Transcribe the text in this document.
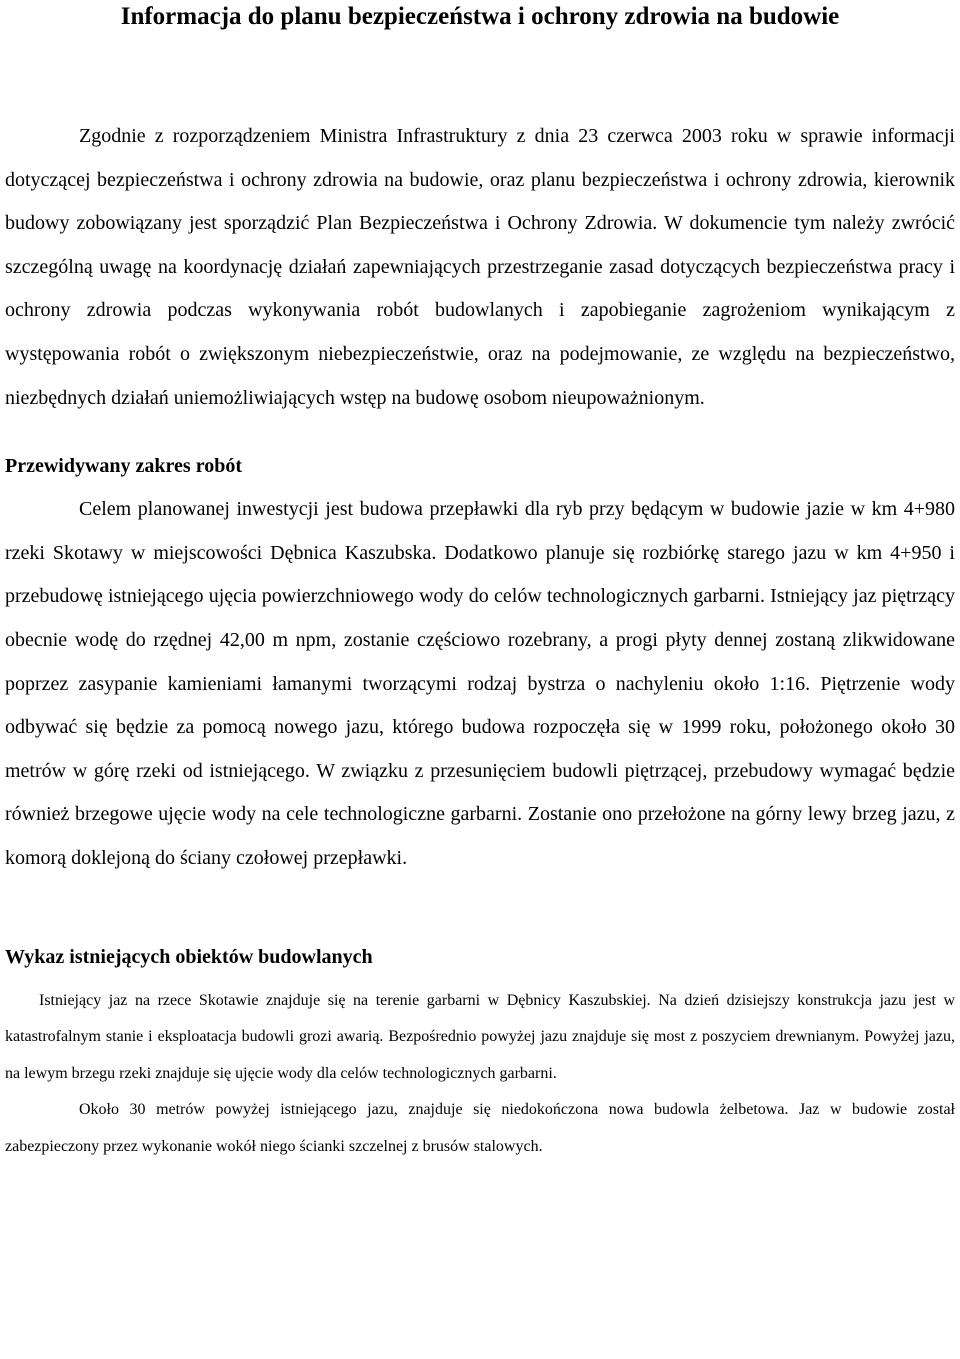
Informacja do planu bezpieczeństwa i ochrony zdrowia na budowie

Zgodnie z rozporządzeniem Ministra Infrastruktury z dnia 23 czerwca 2003 roku w sprawie informacji dotyczącej bezpieczeństwa i ochrony zdrowia na budowie, oraz planu bezpieczeństwa i ochrony zdrowia, kierownik budowy zobowiązany jest sporządzić Plan Bezpieczeństwa i Ochrony Zdrowia. W dokumencie tym należy zwrócić szczególną uwagę na koordynację działań zapewniających przestrzeganie zasad dotyczących bezpieczeństwa pracy i ochrony zdrowia podczas wykonywania robót budowlanych i zapobieganie zagrożeniom wynikającym z występowania robót o zwiększonym niebezpieczeństwie, oraz na podejmowanie, ze względu na bezpieczeństwo, niezbędnych działań uniemożliwiających wstęp na budowę osobom nieupoważnionym.

Przewidywany zakres robót

Celem planowanej inwestycji jest budowa przepławki dla ryb przy będącym w budowie jazie w km 4+980 rzeki Skotawy w miejscowości Dębnica Kaszubska. Dodatkowo planuje się rozbiórkę starego jazu w km 4+950 i przebudowę istniejącego ujęcia powierzchniowego wody do celów technologicznych garbarni. Istniejący jaz piętrzący obecnie wodę do rzędnej 42,00 m npm, zostanie częściowo rozebrany, a progi płyty dennej zostaną zlikwidowane poprzez zasypanie kamieniami łamanymi tworzącymi rodzaj bystrza o nachyleniu około 1:16. Piętrzenie wody odbywać się będzie za pomocą nowego jazu, którego budowa rozpoczęła się w 1999 roku, położonego około 30 metrów w górę rzeki od istniejącego. W związku z przesunięciem budowli piętrzącej, przebudowy wymagać będzie również brzegowe ujęcie wody na cele technologiczne garbarni. Zostanie ono przełożone na górny lewy brzeg jazu, z komorą doklejoną do ściany czołowej przepławki.

Wykaz istniejących obiektów budowlanych

Istniejący jaz na rzece Skotawie znajduje się na terenie garbarni w Dębnicy Kaszubskiej. Na dzień dzisiejszy konstrukcja jazu jest w katastrofalnym stanie i eksploatacja budowli grozi awarią. Bezpośrednio powyżej jazu znajduje się most z poszyciem drewnianym. Powyżej jazu, na lewym brzegu rzeki znajduje się ujęcie wody dla celów technologicznych garbarni.

Około 30 metrów powyżej istniejącego jazu, znajduje się niedokończona nowa budowla żelbetowa. Jaz w budowie został zabezpieczony przez wykonanie wokół niego ścianki szczelnej z brusów stalowych.
